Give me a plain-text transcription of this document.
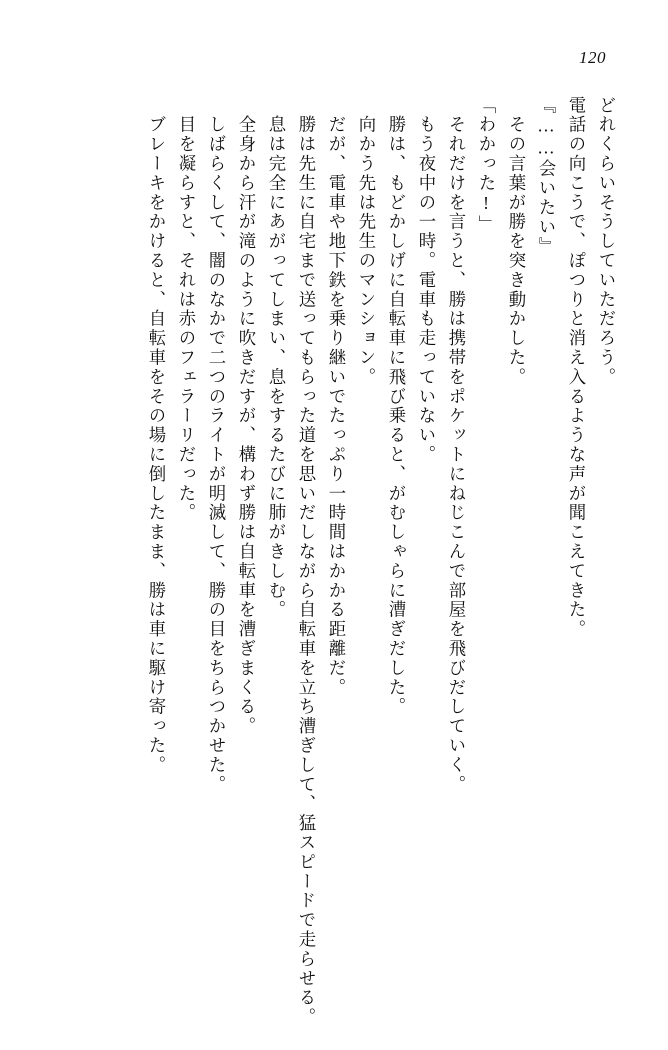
120
どれくらいそうしていただろう。
電話の向こうで、ぽつりと消え入るような声が聞こえてきた。
『……会いたい』
　その言葉が勝を突き動かした。
「わかった!」
　それだけを言うと、勝は携帯をポケットにねじこんで部屋を飛びだしていく。
　もう夜中の一時。電車も走っていない。
　勝は、もどかしげに自転車に飛び乗ると、がむしゃらに漕ぎだした。
　向かう先は先生のマンション。
　だが、電車や地下鉄を乗り継いでたっぷり一時間はかかる距離だ。
　勝は先生に自宅まで送ってもらった道を思いだしながら自転車を立ち漕ぎして、猛スピードで走らせる。
　息は完全にあがってしまい、息をするたびに肺がきしむ。
　全身から汗が滝のように吹きだすが、構わず勝は自転車を漕ぎまくる。
　しばらくして、闇のなかで二つのライトが明滅して、勝の目をちらつかせた。
　目を凝らすと、それは赤のフェラーリだった。
　ブレーキをかけると、自転車をその場に倒したまま、勝は車に駆け寄った。
